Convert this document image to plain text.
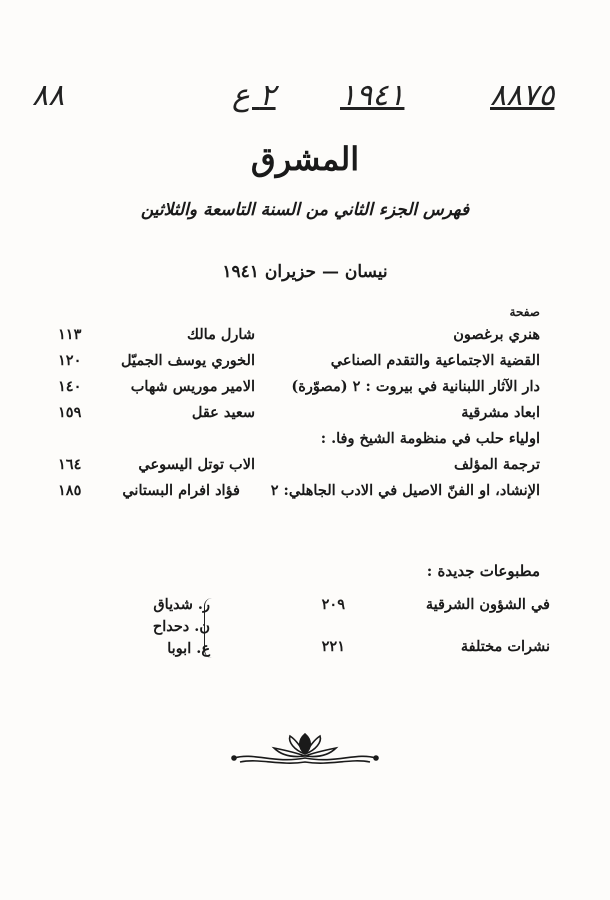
٨٨	٢ ع ١٩٤١	٨٨٧٥
المشرق
فهرس الجزء الثاني من السنة التاسعة والثلاثين
نيسان — حزيران ١٩٤١
صفحة
هنري برغصون
شارل مالك
١١٣
القضية الاجتماعية والتقدم الصناعي
الخوري يوسف الجميّل
١٢٠
دار الآثار اللبنانية في بيروت : ٢ (مصوّرة)
الامير موريس شهاب
١٤٠
ابعاد مشرقية
سعيد عقل
١٥٩
اولياء حلب في منظومة الشيخ وفا. :
ترجمة المؤلف
الاب توتل اليسوعي
١٦٤
الإنشاد، او الفنّ الاصيل في الادب الجاهلي: ٢
فؤاد افرام البستاني
١٨٥
مطبوعات جديدة :
في الشؤون الشرقية
٢٠٩
نشرات مختلفة
٢٢١
ر. شدياق
ن. دحداح
ع. ابوبا
